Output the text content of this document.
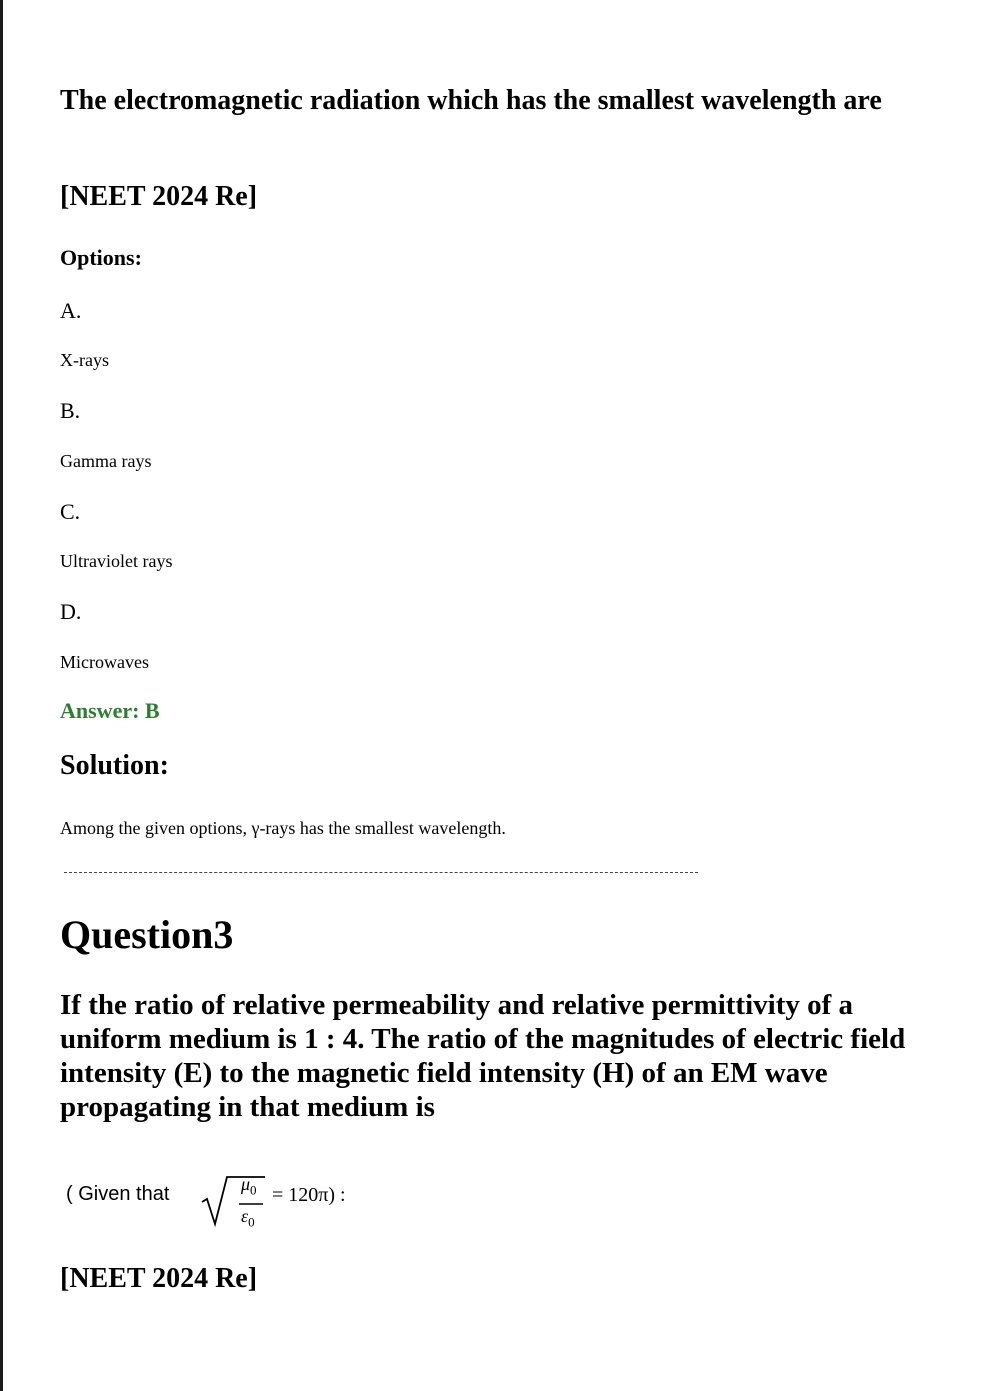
The electromagnetic radiation which has the smallest wavelength are

[NEET 2024 Re]
Options:
A.
X-rays
B.
Gamma rays
C.
Ultraviolet rays
D.
Microwaves
Answer: B
Solution:
Among the given options, γ-rays has the smallest wavelength.
Question3

If the ratio of relative permeability and relative permittivity of a uniform medium is 1 : 4. The ratio of the magnitudes of electric field intensity (E) to the magnetic field intensity (H) of an EM wave propagating in that medium is

( Given that	$\mu_0$
$\varepsilon_0$
= 120π) :
[NEET 2024 Re]
